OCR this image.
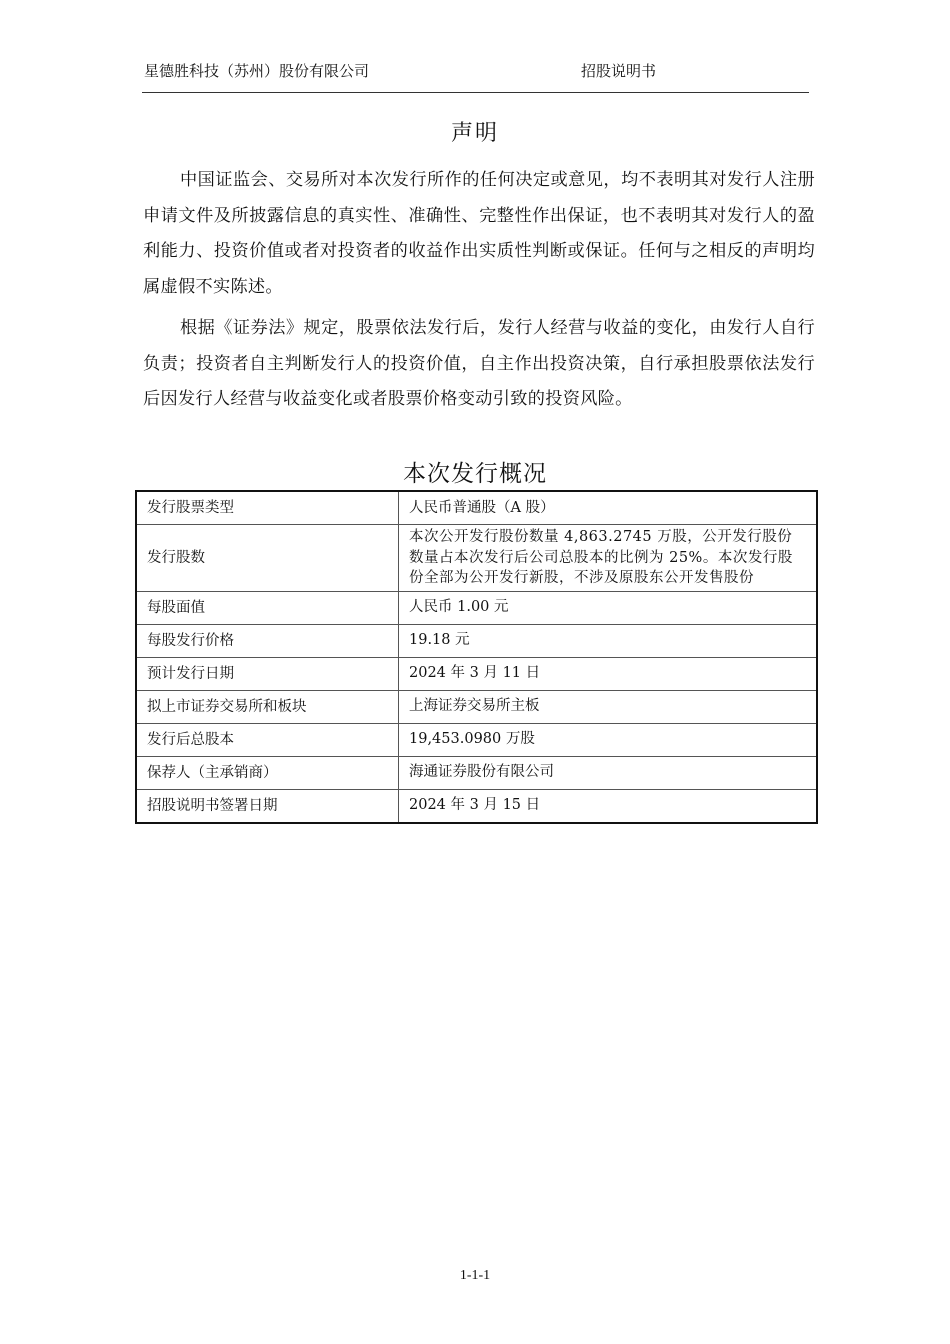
星德胜科技（苏州）股份有限公司	招股说明书
声明

中国证监会、交易所对本次发行所作的任何决定或意见，均不表明其对发行人注册申请文件及所披露信息的真实性、准确性、完整性作出保证，也不表明其对发行人的盈利能力、投资价值或者对投资者的收益作出实质性判断或保证。任何与之相反的声明均属虚假不实陈述。

根据《证券法》规定，股票依法发行后，发行人经营与收益的变化，由发行人自行负责；投资者自主判断发行人的投资价值，自主作出投资决策，自行承担股票依法发行后因发行人经营与收益变化或者股票价格变动引致的投资风险。

本次发行概况
发行股票类型	人民币普通股（A 股）
发行股数	本次公开发行股份数量 4,863.2745 万股，公开发行股份数量占本次发行后公司总股本的比例为 25%。本次发行股份全部为公开发行新股，不涉及原股东公开发售股份
每股面值	人民币 1.00 元
每股发行价格	19.18 元
预计发行日期	2024 年 3 月 11 日
拟上市证券交易所和板块	上海证券交易所主板
发行后总股本	19,453.0980 万股
保荐人（主承销商）	海通证券股份有限公司
招股说明书签署日期	2024 年 3 月 15 日
1-1-1
